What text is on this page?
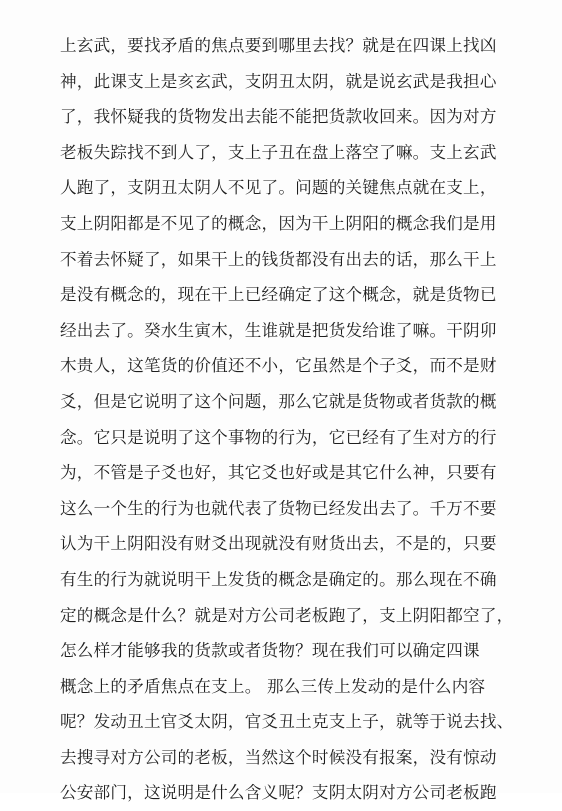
上玄武，要找矛盾的焦点要到哪里去找？就是在四课上找凶
神，此课支上是亥玄武，支阴丑太阴，就是说玄武是我担心
了，我怀疑我的货物发出去能不能把货款收回来。因为对方
老板失踪找不到人了，支上子丑在盘上落空了嘛。支上玄武
人跑了，支阴丑太阴人不见了。问题的关键焦点就在支上，
支上阴阳都是不见了的概念，因为干上阴阳的概念我们是用
不着去怀疑了，如果干上的钱货都没有出去的话，那么干上
是没有概念的，现在干上已经确定了这个概念，就是货物已
经出去了。癸水生寅木，生谁就是把货发给谁了嘛。干阴卯
木贵人，这笔货的价值还不小，它虽然是个子爻，而不是财
爻，但是它说明了这个问题，那么它就是货物或者货款的概
念。它只是说明了这个事物的行为，它已经有了生对方的行
为，不管是子爻也好，其它爻也好或是其它什么神，只要有
这么一个生的行为也就代表了货物已经发出去了。千万不要
认为干上阴阳没有财爻出现就没有财货出去，不是的，只要
有生的行为就说明干上发货的概念是确定的。那么现在不确
定的概念是什么？就是对方公司老板跑了，支上阴阳都空了，
怎么样才能够我的货款或者货物？现在我们可以确定四课
概念上的矛盾焦点在支上。 那么三传上发动的是什么内容
呢？发动丑土官爻太阴，官爻丑土克支上子，就等于说去找、
去搜寻对方公司的老板，当然这个时候没有报案，没有惊动
公安部门，这说明是什么含义呢？支阴太阴对方公司老板跑
